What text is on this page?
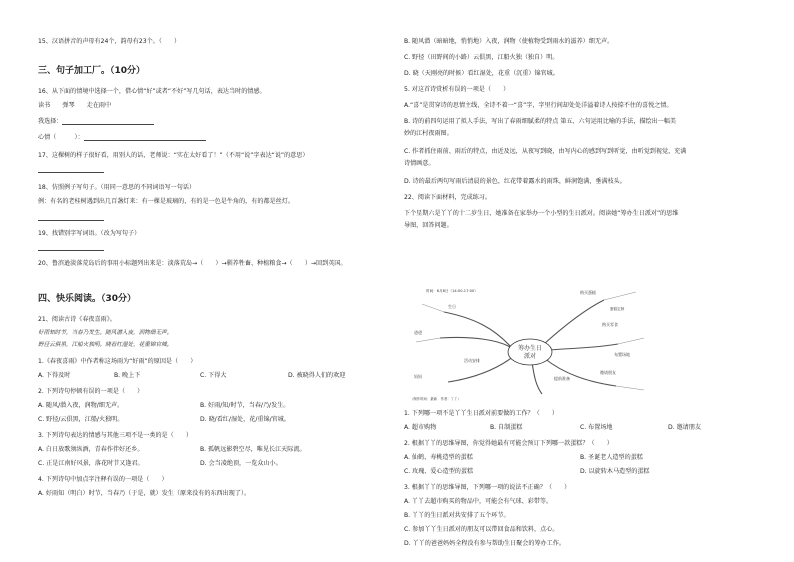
15、汉语拼音的声母有24个，韵母有23个。（　　）
三、句子加工厂。（10分）
16、从下面的情境中选择一个，借心情“好”或者“不好”写几句话，表达当时的情感。
读书　　弹琴　　走在雨中
我选择：
心情（　　　）：
17、这棵树的样子很好看，用别人的话，老师说：“实在太好看了！”（不用“说”字表达“说”的意思）
18、仿照例子写句子。（用同一意思的不同词语写一句话）
例：有名的老桂树遇到出几百盏灯来：有一棵是玻璃的，有的是一色是牛角的，有的都是丝灯。
19、找错别字写词语。（改为写句子）
20、鲁滨逊淡落荒岛后的事用小标题列出来是：淡落荒岛→（　　）→驯养牲畜、种植粮食→（　　）→回到英国。
四、快乐阅读。（30分）
21、阅读古诗《春夜喜雨》。
好雨知时节，当春乃发生。随风潜入夜，润物细无声。
野径云俱黑，江船火独明。晓看红湿处，花重锦官城。
1.《春夜喜雨》中作者称这场雨为“好雨”的原因是（　　）
A. 下得及时	B. 晚上下	C. 下得大	D. 被晓得人们的欢迎
2. 下列诗句停顿有误的一项是（　　）
A. 随风/潜入夜，润物/细无声。	B. 好雨/知/时节，当春/乃/发生。
C. 野径/云俱黑，江船/火独明。	D. 晓/看红/湿处，花/重锦/官城。
3. 下列诗句表达的情感与其他三项不是一类的是（　　）
A. 白日放歌须纵酒，青春作伴好还乡。	B. 孤帆远影碧空尽，唯见长江天际流。
C. 正是江南好风景，落花时节又逢君。	D. 会当凌绝顶，一览众山小。
4. 下列诗句中加点字注释有误的一项是（　　）
A. 好雨知（明白）时节，当春乃（于是，就）发生（原来没有的东西出现了）。
B. 随风潜（暗暗地，悄悄地）入夜，润物（使植物受到雨水的滋养）细无声。
C. 野径（田野间的小路）云俱黑，江船火独（独自）明。
D. 晓（天刚亮的时候）看红湿处，花重（沉重）锦官城。
5. 对这首诗赏析有误的一项是（　　）
A.“喜”是贯穿诗的思情主线，全诗不着一“喜”字，字里行间却处处洋溢着诗人按捺不住的喜悦之情。
B. 诗的前四句运用了拟人手法，写出了春雨细腻柔的特点 第五、六句运用比喻的手法，描绘出一幅美
妙的江村夜雨图。
C. 作者抓住雨前、雨后的特点，由近及远，从夜写到晓，由写内心的感到写到听觉，由听觉到视觉，充满
诗情画意。
D. 诗的最后两句写雨后清晨的景色，红花带着露水的雨珠，鲜润饱满，垂满枝头。
22、阅读下面材料，完成练习。
下个星期六是丫丫的十二岁生日，她准备在家举办一个小型的生日派对。阅读她“筹办生日派对”的思维
导图，回答问题。
筹办生日
派对
时间：6月8日（14:00-17:00）
生日
爸爸
妈妈
购买蛋糕
蛋糕定制
购买零食
布置场地
邀请朋友
活动安排
提前准备
（制作时间：最新　作者：丫丫）
1. 下列哪一项不是丫丫生日派对前要做的工作？（　　）
A. 超市购物	B. 自制蛋糕	C. 布置场地	D. 邀请朋友
2. 根据丫丫的思维导图，你觉得她最有可能会预订下列哪一款蛋糕？（　　）
A. 仙鹤、寿桃造型的蛋糕	B. 圣诞老人造型的蛋糕
C. 玫瑰、爱心造型的蛋糕	D. 以旋转木马造型的蛋糕
3. 根据丫丫的思维导图，下列哪一项的说法不正确？（　　）
A. 丫丫去超市购买的物品中，可能会有气球、彩带等。
B. 丫丫的生日派对共安排了五个环节。
C. 参加丫丫生日派对的朋友可以带回食品和饮料，点心。
D. 丫丫的爸爸妈妈全程没有参与帮助生日聚会的筹办工作。
